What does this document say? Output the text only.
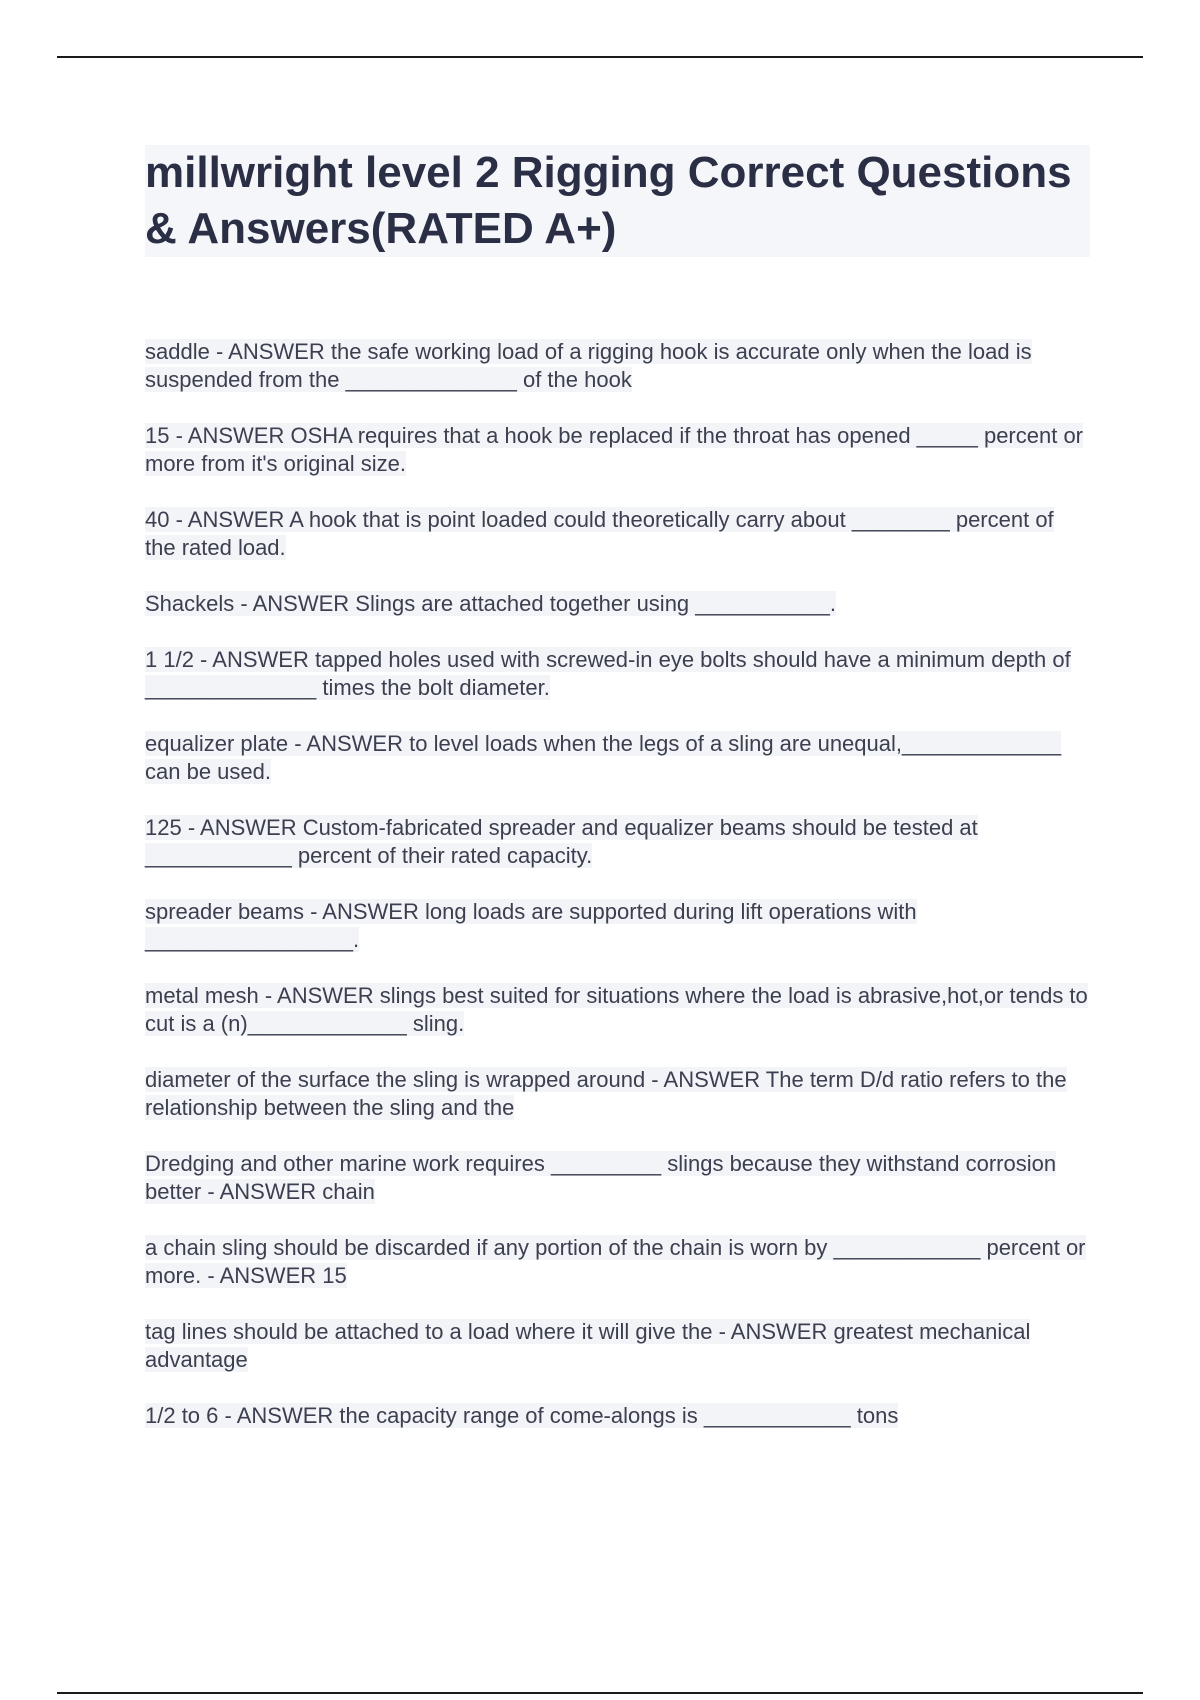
millwright level 2 Rigging Correct Questions & Answers(RATED A+)

saddle - ANSWER the safe working load of a rigging hook is accurate only when the load is suspended from the ______________ of the hook

15 - ANSWER OSHA requires that a hook be replaced if the throat has opened _____ percent or more from it's original size.

40 - ANSWER A hook that is point loaded could theoretically carry about ________ percent of the rated load.

Shackels - ANSWER Slings are attached together using ___________.

1 1/2 - ANSWER tapped holes used with screwed-in eye bolts should have a minimum depth of ______________ times the bolt diameter.

equalizer plate - ANSWER to level loads when the legs of a sling are unequal,_____________ can be used.

125 - ANSWER Custom-fabricated spreader and equalizer beams should be tested at ____________ percent of their rated capacity.

spreader beams - ANSWER long loads are supported during lift operations with _________________.

metal mesh - ANSWER slings best suited for situations where the load is abrasive,hot,or tends to cut is a (n)_____________ sling.

diameter of the surface the sling is wrapped around - ANSWER The term D/d ratio refers to the relationship between the sling and the

Dredging and other marine work requires _________ slings because they withstand corrosion better - ANSWER chain

a chain sling should be discarded if any portion of the chain is worn by ____________ percent or more. - ANSWER 15

tag lines should be attached to a load where it will give the - ANSWER greatest mechanical advantage

1/2 to 6 - ANSWER the capacity range of come-alongs is ____________ tons
